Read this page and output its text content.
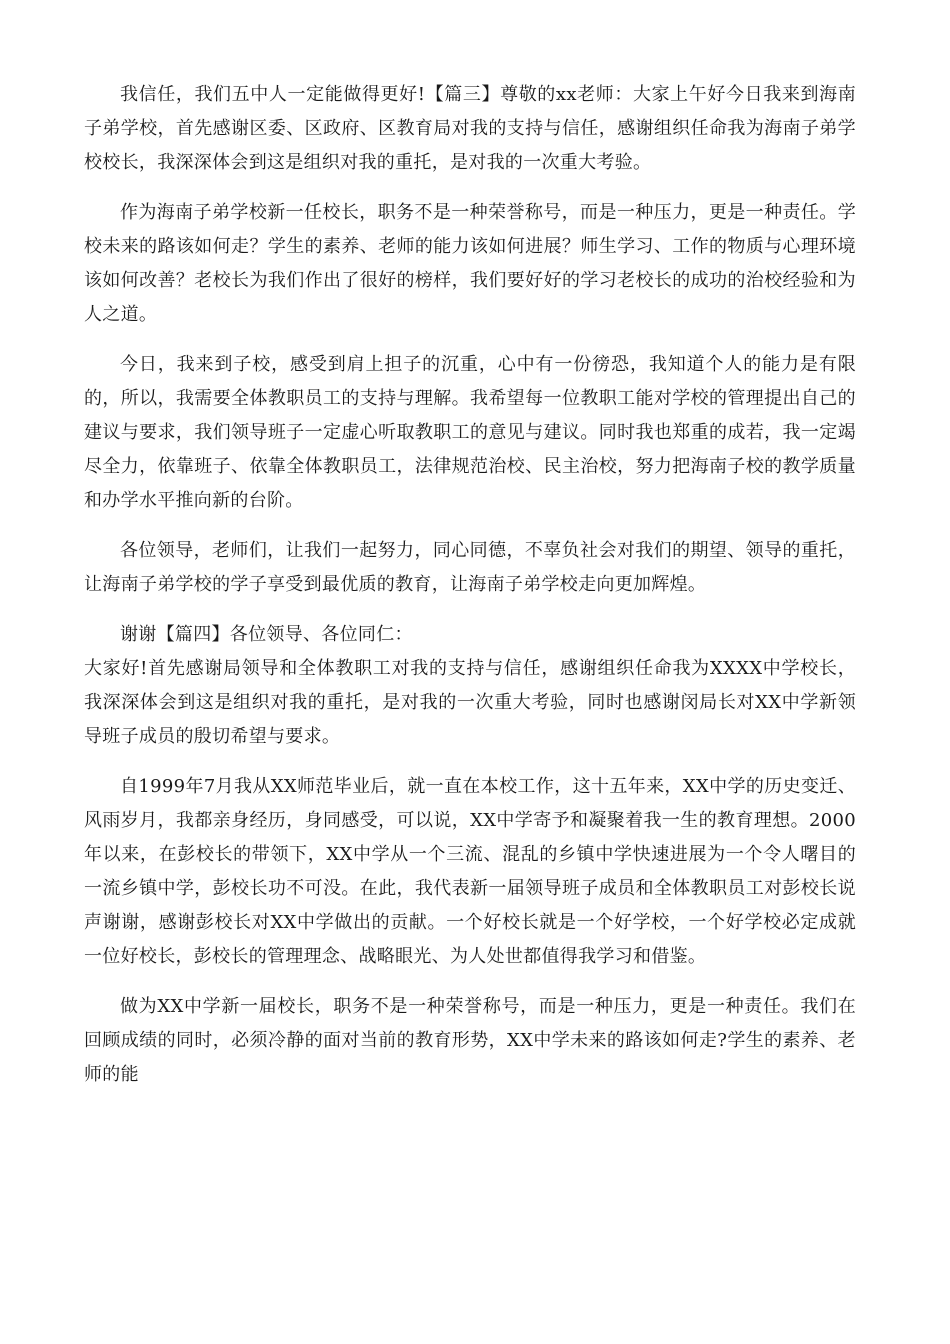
我信任，我们五中人一定能做得更好!【篇三】尊敬的xx老师：大家上午好今日我来到海南子弟学校，首先感谢区委、区政府、区教育局对我的支持与信任，感谢组织任命我为海南子弟学校校长，我深深体会到这是组织对我的重托，是对我的一次重大考验。

作为海南子弟学校新一任校长，职务不是一种荣誉称号，而是一种压力，更是一种责任。学校未来的路该如何走？学生的素养、老师的能力该如何进展？师生学习、工作的物质与心理环境该如何改善？老校长为我们作出了很好的榜样，我们要好好的学习老校长的成功的治校经验和为人之道。

今日，我来到子校，感受到肩上担子的沉重，心中有一份徬恐，我知道个人的能力是有限的，所以，我需要全体教职员工的支持与理解。我希望每一位教职工能对学校的管理提出自己的建议与要求，我们领导班子一定虚心听取教职工的意见与建议。同时我也郑重的成若，我一定竭尽全力，依靠班子、依靠全体教职员工，法律规范治校、民主治校，努力把海南子校的教学质量和办学水平推向新的台阶。

各位领导，老师们，让我们一起努力，同心同德，不辜负社会对我们的期望、领导的重托，让海南子弟学校的学子享受到最优质的教育，让海南子弟学校走向更加辉煌。

谢谢【篇四】各位领导、各位同仁：

大家好!首先感谢局领导和全体教职工对我的支持与信任，感谢组织任命我为XXXX中学校长，我深深体会到这是组织对我的重托，是对我的一次重大考验，同时也感谢闵局长对XX中学新领导班子成员的殷切希望与要求。

自1999年7月我从XX师范毕业后，就一直在本校工作，这十五年来，XX中学的历史变迁、风雨岁月，我都亲身经历，身同感受，可以说，XX中学寄予和凝聚着我一生的教育理想。2000年以来，在彭校长的带领下，XX中学从一个三流、混乱的乡镇中学快速进展为一个令人曙目的一流乡镇中学，彭校长功不可没。在此，我代表新一届领导班子成员和全体教职员工对彭校长说声谢谢，感谢彭校长对XX中学做出的贡献。一个好校长就是一个好学校，一个好学校必定成就一位好校长，彭校长的管理理念、战略眼光、为人处世都值得我学习和借鉴。

做为XX中学新一届校长，职务不是一种荣誉称号，而是一种压力，更是一种责任。我们在回顾成绩的同时，必须冷静的面对当前的教育形势，XX中学未来的路该如何走?学生的素养、老师的能
